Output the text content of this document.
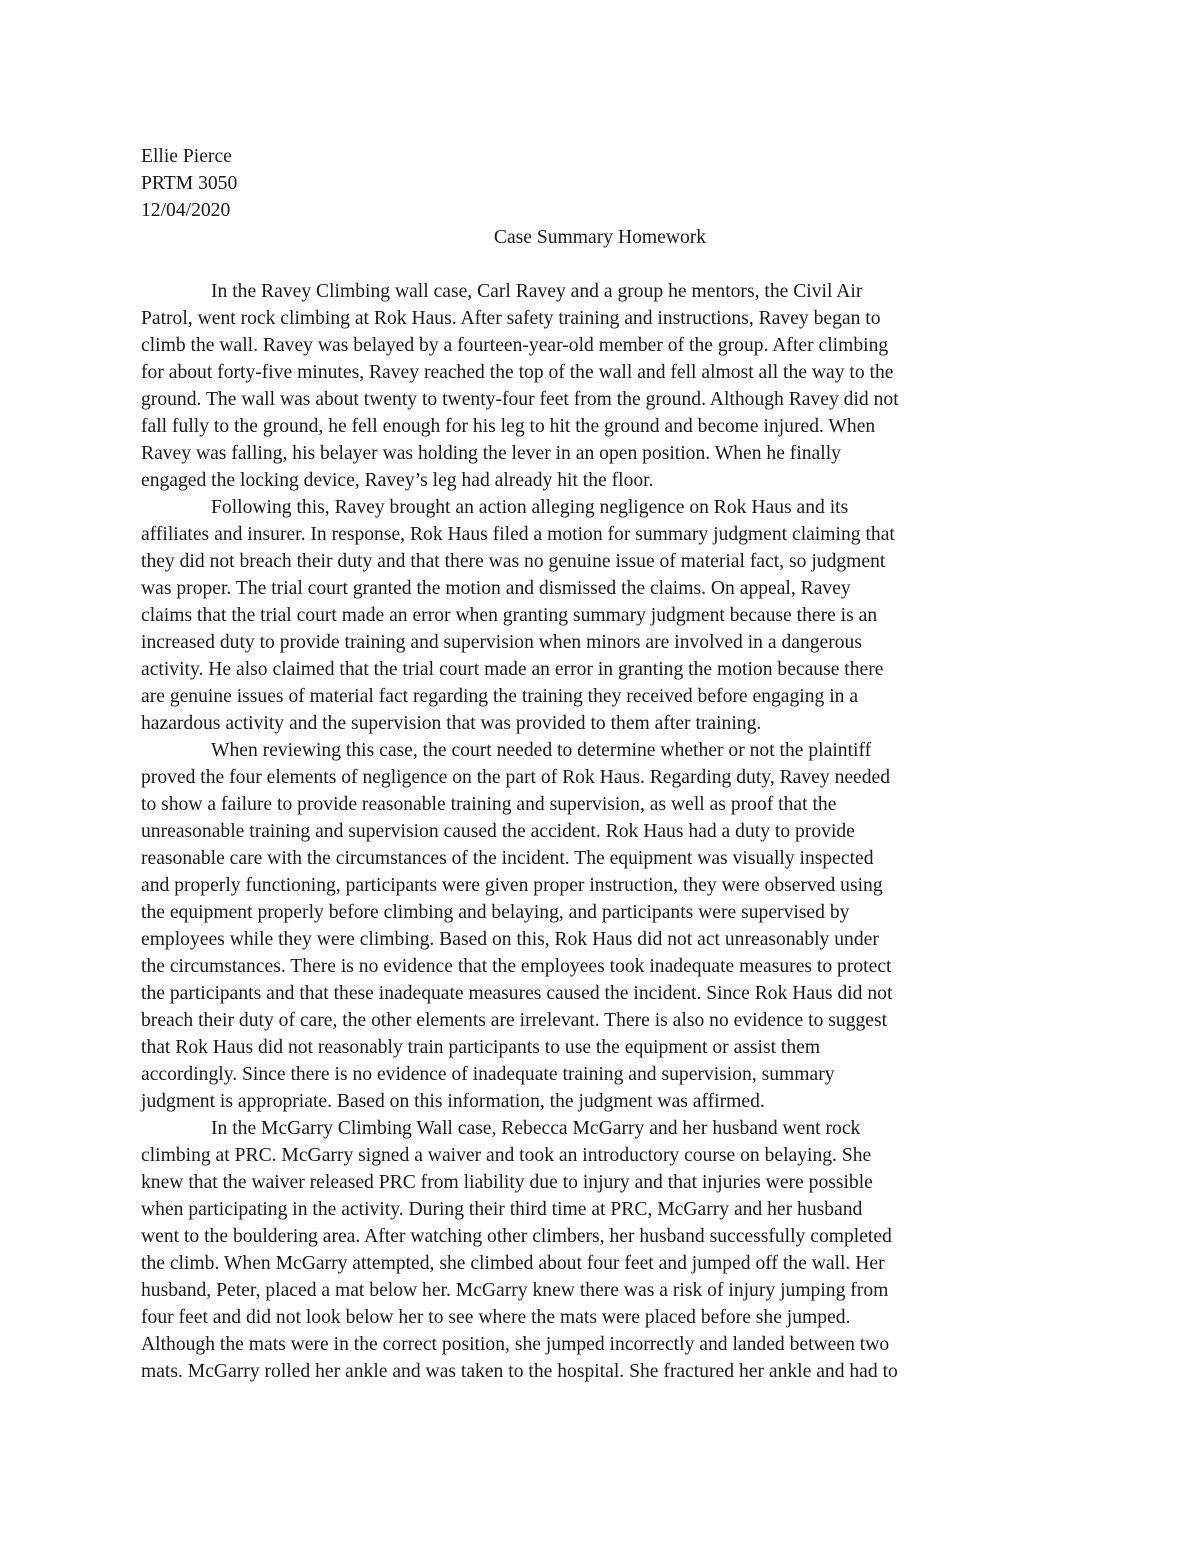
Ellie Pierce
PRTM 3050
12/04/2020
Case Summary Homework
In the Ravey Climbing wall case, Carl Ravey and a group he mentors, the Civil Air
Patrol, went rock climbing at Rok Haus. After safety training and instructions, Ravey began to
climb the wall. Ravey was belayed by a fourteen-year-old member of the group. After climbing
for about forty-five minutes, Ravey reached the top of the wall and fell almost all the way to the
ground. The wall was about twenty to twenty-four feet from the ground. Although Ravey did not
fall fully to the ground, he fell enough for his leg to hit the ground and become injured. When
Ravey was falling, his belayer was holding the lever in an open position. When he finally
engaged the locking device, Ravey’s leg had already hit the floor.
Following this, Ravey brought an action alleging negligence on Rok Haus and its
affiliates and insurer. In response, Rok Haus filed a motion for summary judgment claiming that
they did not breach their duty and that there was no genuine issue of material fact, so judgment
was proper. The trial court granted the motion and dismissed the claims. On appeal, Ravey
claims that the trial court made an error when granting summary judgment because there is an
increased duty to provide training and supervision when minors are involved in a dangerous
activity. He also claimed that the trial court made an error in granting the motion because there
are genuine issues of material fact regarding the training they received before engaging in a
hazardous activity and the supervision that was provided to them after training.
When reviewing this case, the court needed to determine whether or not the plaintiff
proved the four elements of negligence on the part of Rok Haus. Regarding duty, Ravey needed
to show a failure to provide reasonable training and supervision, as well as proof that the
unreasonable training and supervision caused the accident. Rok Haus had a duty to provide
reasonable care with the circumstances of the incident. The equipment was visually inspected
and properly functioning, participants were given proper instruction, they were observed using
the equipment properly before climbing and belaying, and participants were supervised by
employees while they were climbing. Based on this, Rok Haus did not act unreasonably under
the circumstances. There is no evidence that the employees took inadequate measures to protect
the participants and that these inadequate measures caused the incident. Since Rok Haus did not
breach their duty of care, the other elements are irrelevant. There is also no evidence to suggest
that Rok Haus did not reasonably train participants to use the equipment or assist them
accordingly. Since there is no evidence of inadequate training and supervision, summary
judgment is appropriate. Based on this information, the judgment was affirmed.
In the McGarry Climbing Wall case, Rebecca McGarry and her husband went rock
climbing at PRC. McGarry signed a waiver and took an introductory course on belaying. She
knew that the waiver released PRC from liability due to injury and that injuries were possible
when participating in the activity. During their third time at PRC, McGarry and her husband
went to the bouldering area. After watching other climbers, her husband successfully completed
the climb. When McGarry attempted, she climbed about four feet and jumped off the wall. Her
husband, Peter, placed a mat below her. McGarry knew there was a risk of injury jumping from
four feet and did not look below her to see where the mats were placed before she jumped.
Although the mats were in the correct position, she jumped incorrectly and landed between two
mats. McGarry rolled her ankle and was taken to the hospital. She fractured her ankle and had to
